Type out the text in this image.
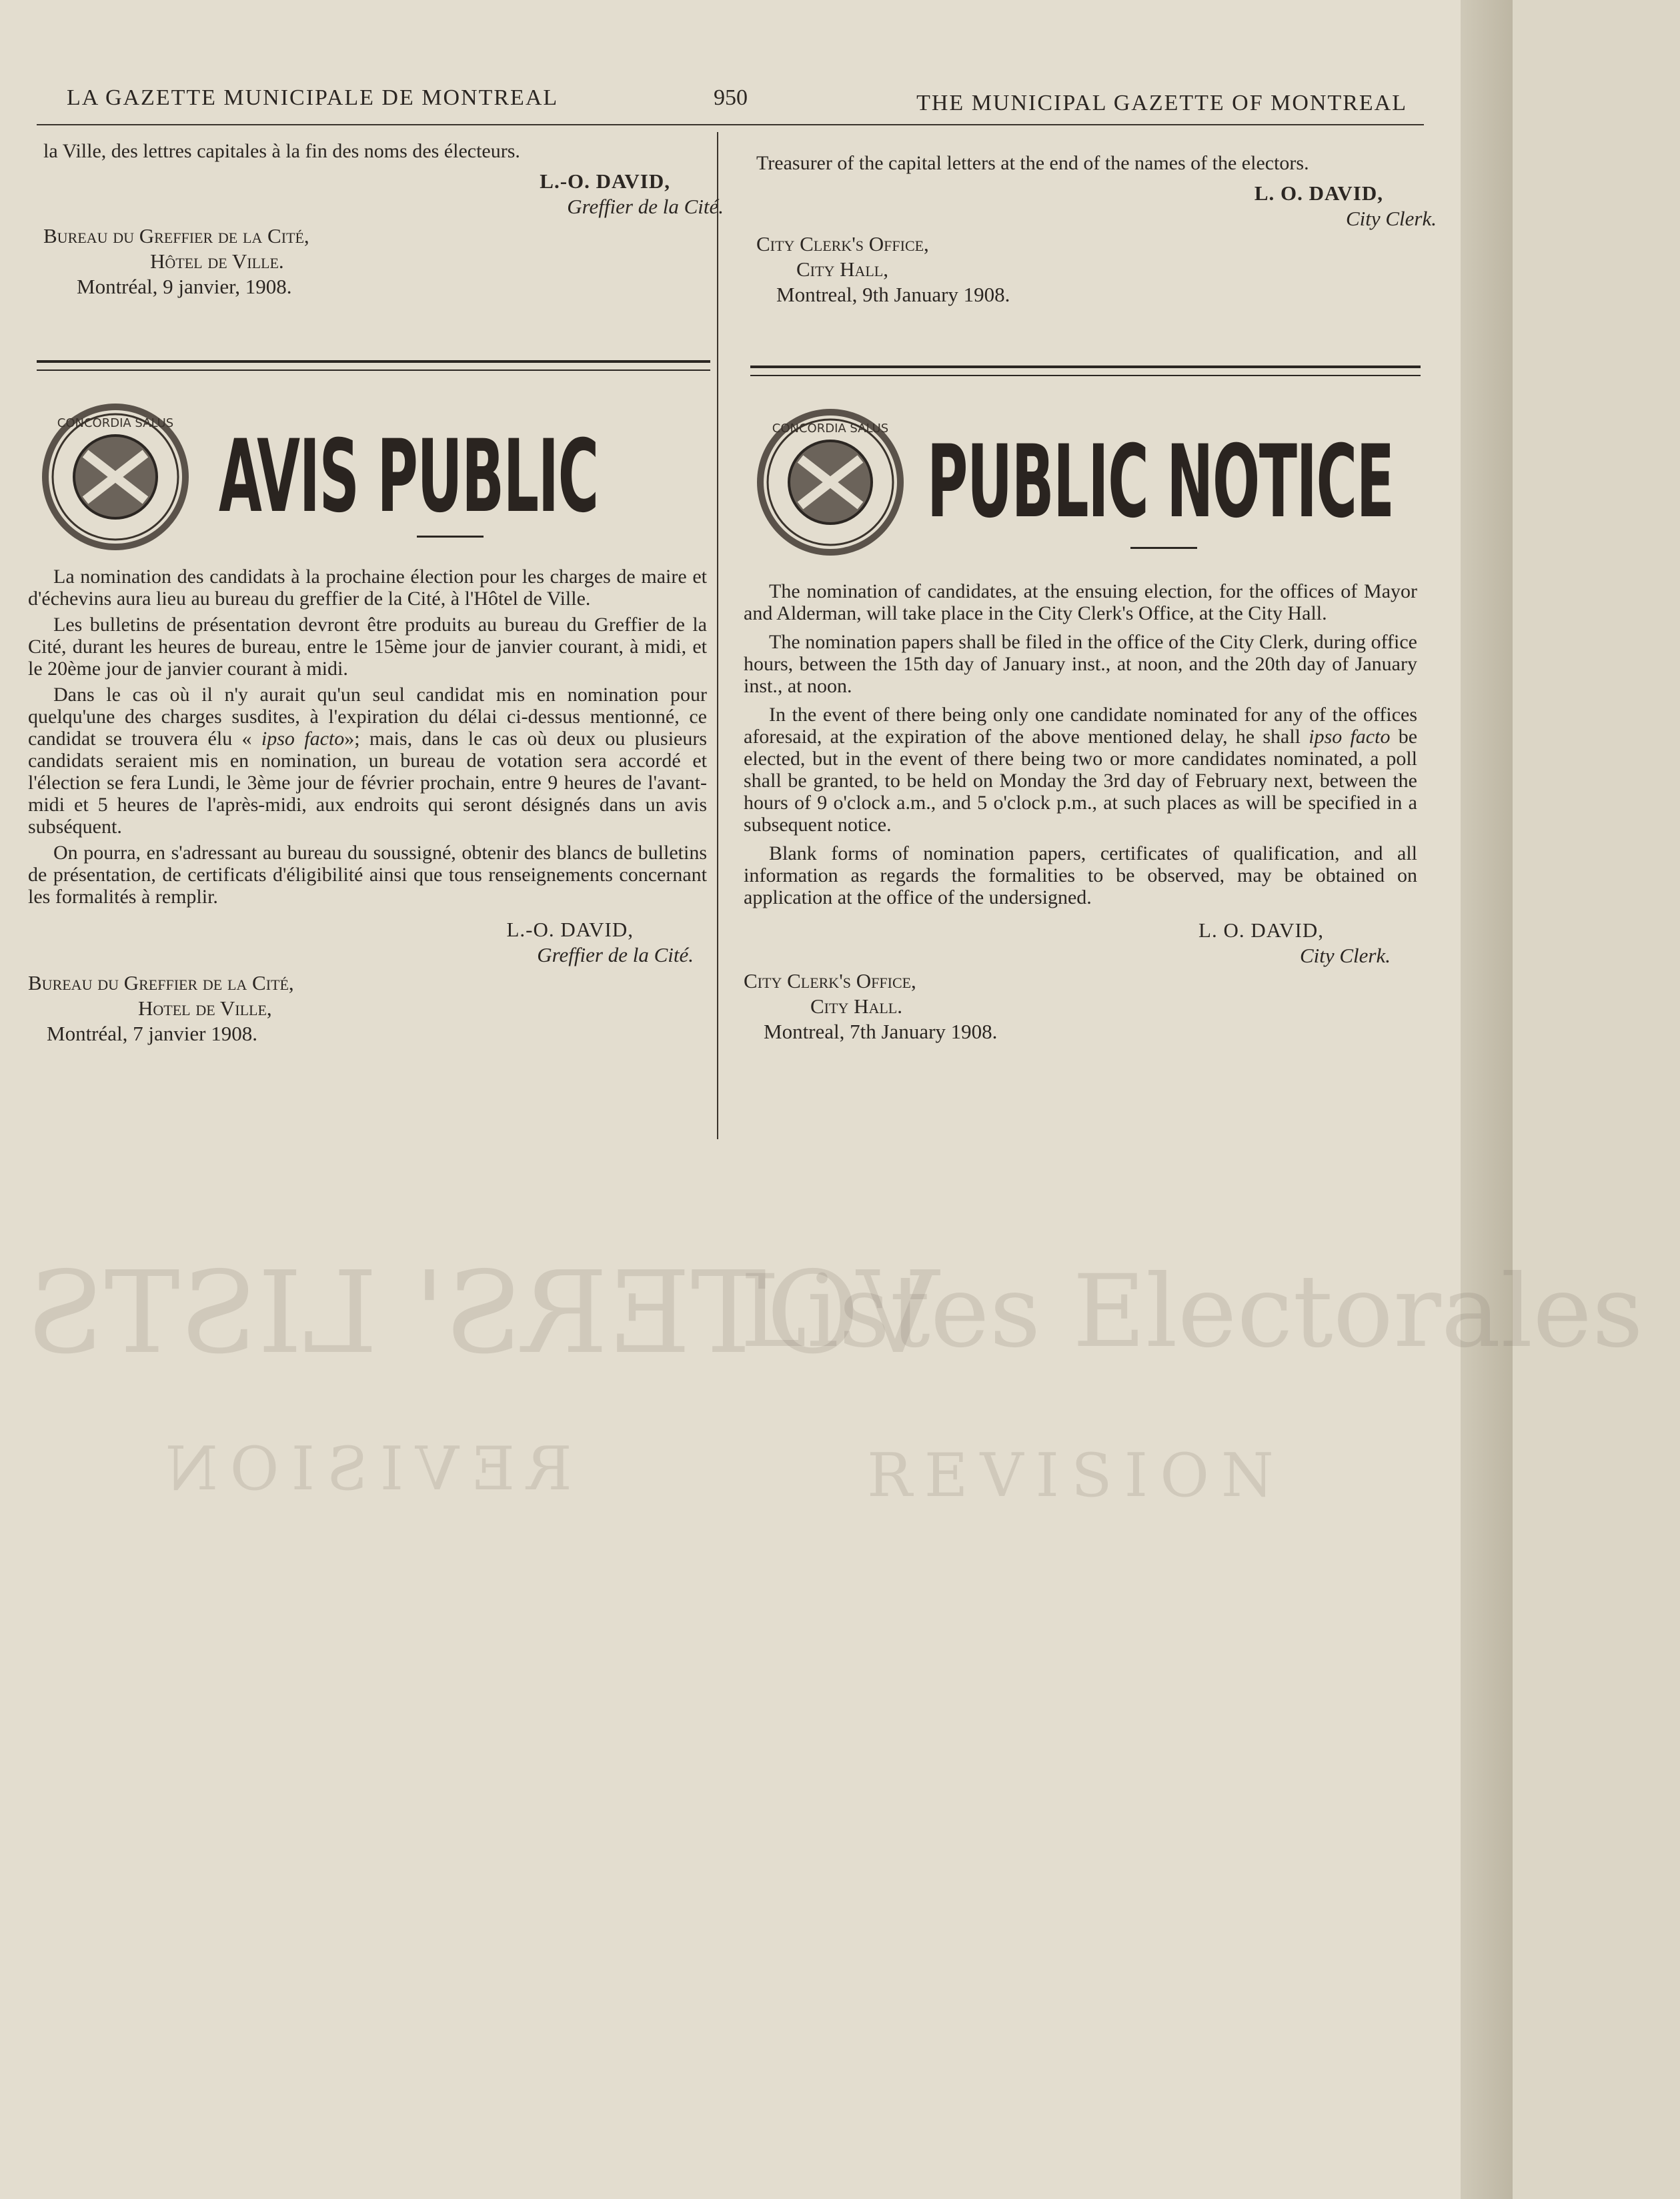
VOTERS' LISTS
Listes Electorales
REVISION	REVISION
LA GAZETTE MUNICIPALE DE MONTREAL	950	THE MUNICIPAL GAZETTE OF MONTREAL

la Ville, des lettres capitales à la fin des noms des électeurs.

L.-O. DAVID,
Greffier de la Cité.

Bureau du Greffier de la Cité,

Hôtel de Ville.

Montréal, 9 janvier, 1908.

Treasurer of the capital letters at the end of the names of the electors.

L. O. DAVID,
City Clerk.

City Clerk's Office,

City Hall,

Montreal, 9th January 1908.

CONCORDIA SALUS AVIS PUBLIC	CONCORDIA SALUS PUBLIC NOTICE

La nomination des candidats à la prochaine élection pour les charges de maire et d'échevins aura lieu au bureau du greffier de la Cité, à l'Hôtel de Ville.

Les bulletins de présentation devront être produits au bureau du Greffier de la Cité, durant les heures de bureau, entre le 15ème jour de janvier courant, à midi, et le 20ème jour de janvier courant à midi.

Dans le cas où il n'y aurait qu'un seul candidat mis en nomination pour quelqu'une des charges susdites, à l'expiration du délai ci-dessus mentionné, ce candidat se trouvera élu « ipso facto»; mais, dans le cas où deux ou plusieurs candidats seraient mis en nomination, un bureau de votation sera accordé et l'élection se fera Lundi, le 3ème jour de février prochain, entre 9 heures de l'avant-midi et 5 heures de l'après-midi, aux endroits qui seront désignés dans un avis subséquent.

On pourra, en s'adressant au bureau du soussigné, obtenir des blancs de bulletins de présentation, de certificats d'éligibilité ainsi que tous renseignements concernant les formalités à remplir.

L.-O. DAVID,
Greffier de la Cité.

Bureau du Greffier de la Cité,

Hotel de Ville,

Montréal, 7 janvier 1908.

The nomination of candidates, at the ensuing election, for the offices of Mayor and Alderman, will take place in the City Clerk's Office, at the City Hall.

The nomination papers shall be filed in the office of the City Clerk, during office hours, between the 15th day of January inst., at noon, and the 20th day of January inst., at noon.

In the event of there being only one candidate nominated for any of the offices aforesaid, at the expiration of the above mentioned delay, he shall ipso facto be elected, but in the event of there being two or more candidates nominated, a poll shall be granted, to be held on Monday the 3rd day of February next, between the hours of 9 o'clock a.m., and 5 o'clock p.m., at such places as will be specified in a subsequent notice.

Blank forms of nomination papers, certificates of qualification, and all information as regards the formalities to be observed, may be obtained on application at the office of the undersigned.

L. O. DAVID,
City Clerk.

City Clerk's Office,

City Hall.

Montreal, 7th January 1908.
